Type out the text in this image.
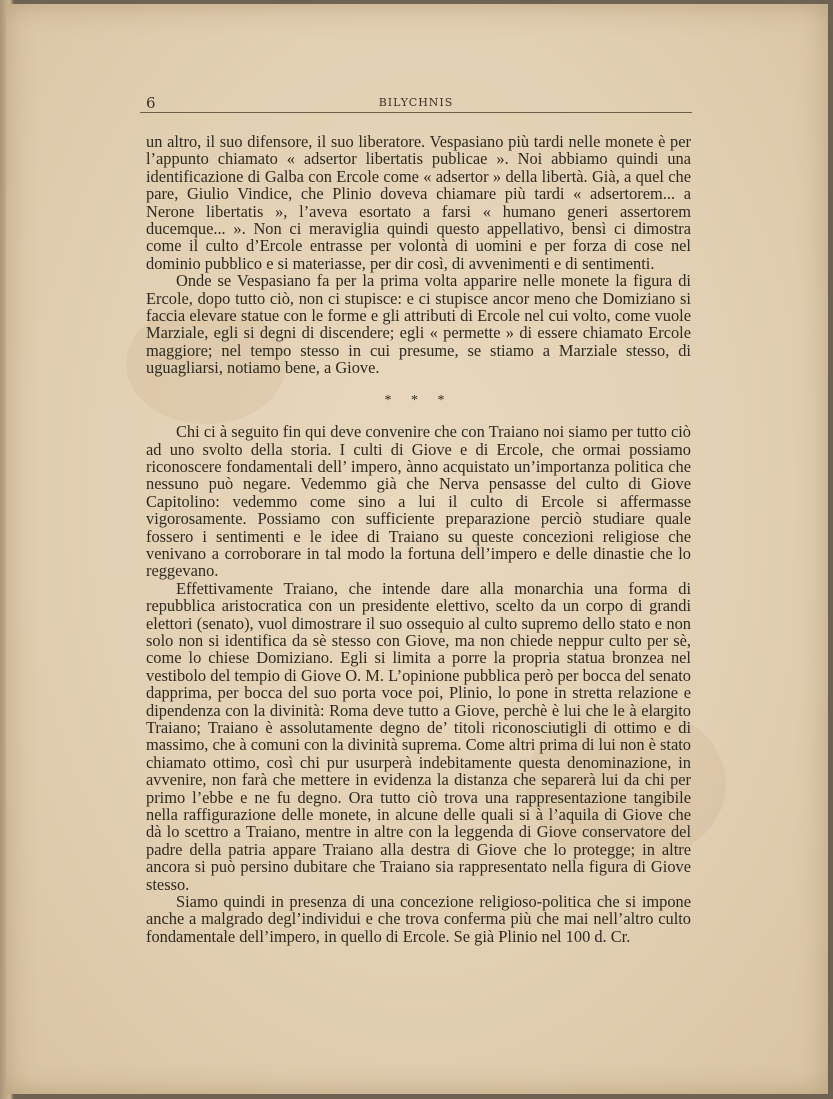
6	BILYCHNIS

un altro, il suo difensore, il suo liberatore. Vespasiano più tardi nelle monete è per l’appunto chiamato « adsertor libertatis publicae ». Noi abbiamo quindi una identificazione di Galba con Ercole come « adsertor » della libertà. Già, a quel che pare, Giulio Vindice, che Plinio doveva chiamare più tardi « adsertorem... a Nerone libertatis », l’aveva esortato a farsi « humano generi assertorem ducemque... ». Non ci meraviglia quindi questo appellativo, bensì ci dimostra come il culto d’Ercole entrasse per volontà di uomini e per forza di cose nel dominio pubblico e si materiasse, per dir così, di avvenimenti e di sentimenti.

Onde se Vespasiano fa per la prima volta apparire nelle monete la figura di Ercole, dopo tutto ciò, non ci stupisce: e ci stupisce ancor meno che Domiziano si faccia elevare statue con le forme e gli attributi di Ercole nel cui volto, come vuole Marziale, egli si degni di discendere; egli « permette » di essere chiamato Ercole maggiore; nel tempo stesso in cui presume, se stiamo a Marziale stesso, di uguagliarsi, notiamo bene, a Giove.

* * *

Chi ci à seguito fin qui deve convenire che con Traiano noi siamo per tutto ciò ad uno svolto della storia. I culti di Giove e di Ercole, che ormai possiamo riconoscere fondamentali dell’ impero, ànno acquistato un’importanza politica che nessuno può negare. Vedemmo già che Nerva pensasse del culto di Giove Capitolino: vedemmo come sino a lui il culto di Ercole si affermasse vigorosamente. Possiamo con sufficiente preparazione perciò studiare quale fossero i sentimenti e le idee di Traiano su queste concezioni religiose che venivano a corroborare in tal modo la fortuna dell’impero e delle dinastie che lo reggevano.

Effettivamente Traiano, che intende dare alla monarchia una forma di repubblica aristocratica con un presidente elettivo, scelto da un corpo di grandi elettori (senato), vuol dimostrare il suo ossequio al culto supremo dello stato e non solo non si identifica da sè stesso con Giove, ma non chiede neppur culto per sè, come lo chiese Domiziano. Egli si limita a porre la propria statua bronzea nel vestibolo del tempio di Giove O. M. L’opinione pubblica però per bocca del senato dapprima, per bocca del suo porta voce poi, Plinio, lo pone in stretta relazione e dipendenza con la divinità: Roma deve tutto a Giove, perchè è lui che le à elargito Traiano; Traiano è assolutamente degno de’ titoli riconosciutigli di ottimo e di massimo, che à comuni con la divinità suprema. Come altri prima di lui non è stato chiamato ottimo, così chi pur usurperà indebitamente questa denominazione, in avvenire, non farà che mettere in evidenza la distanza che separerà lui da chi per primo l’ebbe e ne fu degno. Ora tutto ciò trova una rappresentazione tangibile nella raffigurazione delle monete, in alcune delle quali si à l’aquila di Giove che dà lo scettro a Traiano, mentre in altre con la leggenda di Giove conservatore del padre della patria appare Traiano alla destra di Giove che lo protegge; in altre ancora si può persino dubitare che Traiano sia rappresentato nella figura di Giove stesso.

Siamo quindi in presenza di una concezione religioso-politica che si impone anche a malgrado degl’individui e che trova conferma più che mai nell’altro culto fondamentale dell’impero, in quello di Ercole. Se già Plinio nel 100 d. Cr.
